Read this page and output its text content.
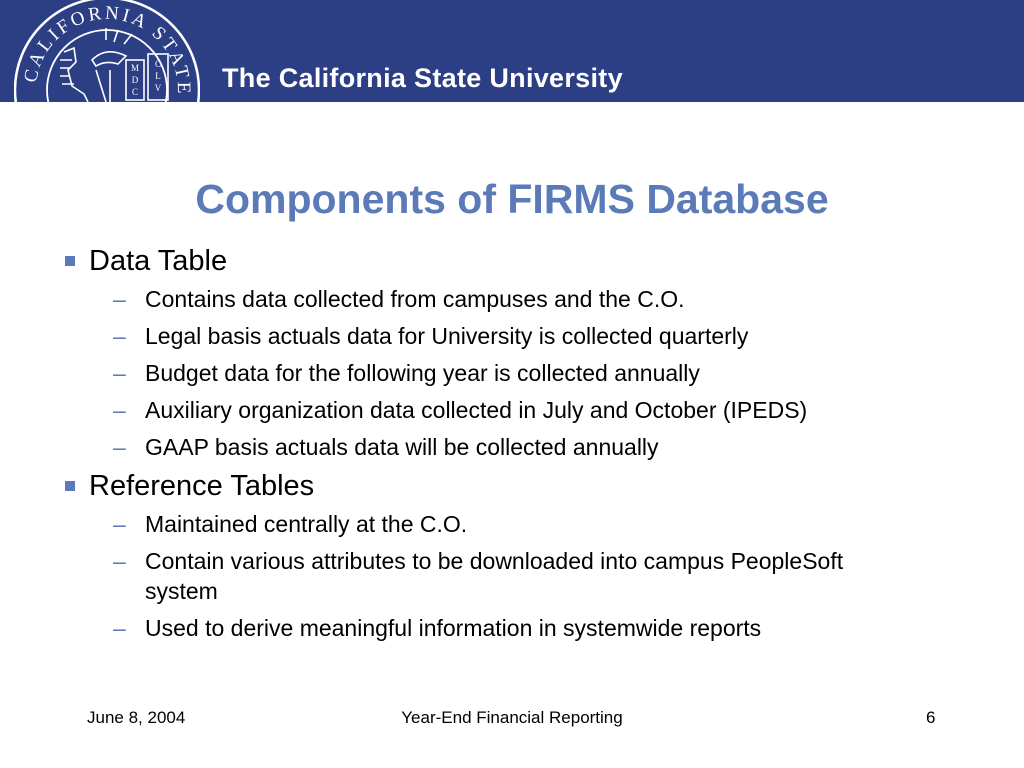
CALIFORNIA STATE
M
D
C
C
L
V The California State University
Components of FIRMS Database
Data Table
– Contains data collected from campuses and the C.O.
– Legal basis actuals data for University is collected quarterly
– Budget data for the following year is collected annually
– Auxiliary organization data collected in July and October (IPEDS)
– GAAP basis actuals data will be collected annually
Reference Tables
– Maintained centrally at the C.O.
– Contain various attributes to be downloaded into campus PeopleSoft system
– Used to derive meaningful information in systemwide reports
June 8, 2004	Year-End Financial Reporting	6
